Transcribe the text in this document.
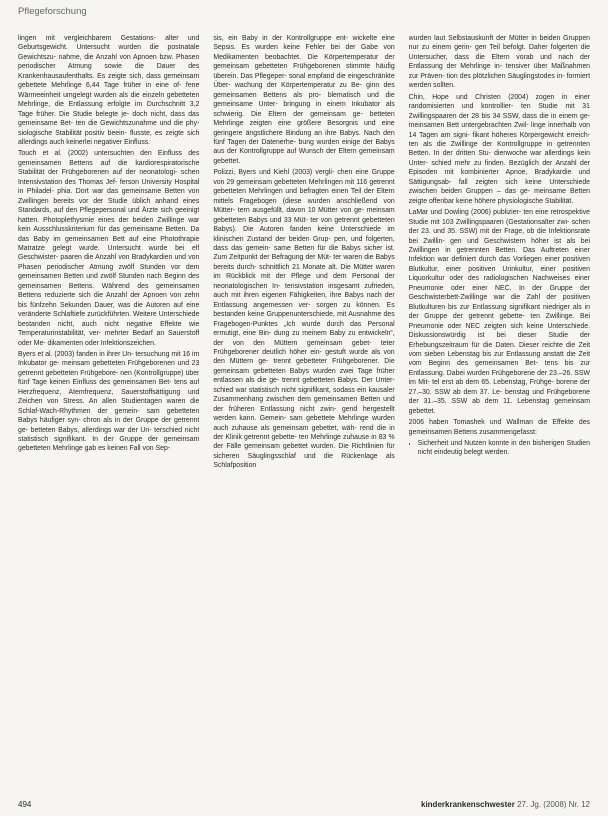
Pflegeforschung

lingen mit vergleichbarem Gestations- alter und Geburtsgewicht. Untersucht wurden die postnatale Gewichtszu- nahme, die Anzahl von Apnoen bzw. Phasen periodischer Atmung sowie die Dauer des Krankenhausaufenthalts. Es zeigte sich, dass gemeinsam gebettete Mehrlinge 6,44 Tage früher in eine of- fene Wärmeeinheit umgelegt wurden als die einzeln gebetteten Mehrlinge, die Entlassung erfolgte im Durchschnitt 3,2 Tage früher. Die Studie belegte je- doch nicht, dass das gemeinsame Bet- ten die Gewichtszunahme und die phy- siologische Stabilität positiv beein- flusste, es zeigte sich allerdings auch keinerlei negativer Einfluss.

Touch et al. (2002) untersuchten den Einfluss des gemeinsamen Bettens auf die kardiorespiratorische Stabilität der Frühgeborenen auf der neonatologi- schen Intensivstation des Thomas Jef- ferson University Hospital in Philadel- phia. Dort war das gemeinsame Betten von Zwillingen bereits vor der Studie üblich anhand eines Standards, auf den Pflegepersonal und Ärzte sich geeinigt hatten. Photoplethysmie eines der beiden Zwillinge war kein Ausschlusskriterium für das gemeinsame Betten. Da das Baby im gemeinsamen Bett auf eine Photothrapie Matratze gelegt wurde. Untersucht wurde bei elf Geschwister- paaren die Anzahl von Bradykardien und von Phasen periodischer Atmung zwölf Stunden vor dem gemeinsamen Betten und zwölf Stunden nach Beginn des gemeinsamen Bettens. Während des gemeinsamen Bettens reduzierte sich die Anzahl der Apnoen von zehn bis fünfzehn Sekunden Dauer, was die Autoren auf eine veränderte Schlaftiefe zurückführten. Weitere Unterschiede bestanden nicht, auch nicht negative Effekte wie Temperaturinstabilität, ver- mehrter Bedarf an Sauerstoff oder Me- dikamenten oder Infektionszeichen.

Byers et al. (2003) fanden in ihrer Un- tersuchung mit 16 im Inkubator ge- meinsam gebetteten Frühgeborenen und 23 getrennt gebetteten Frühgebore- nen (Kontrollgruppe) über fünf Tage keinen Einfluss des gemeinsamen Bet- tens auf Herzfrequenz, Atemfrequenz, Sauerstoffsättigung und Zeichen von Stress. An allen Studientagen waren die Schlaf-Wach-Rhythmen der gemein- sam gebetteten Babys häufiger syn- chron als in der Gruppe der getrennt ge- betteten Babys, allerdings war der Un- terschied nicht statistisch signifikant. In der Gruppe der gemeinsam gebetteten Mehrlinge gab es keinen Fall von Sep-

sis, ein Baby in der Kontrollgruppe ent- wickelte eine Sepsis. Es wurden keine Fehler bei der Gabe von Medikamenten beobachtet. Die Körpertemperatur der gemeinsam gebetteten Frühgeborenen stimmte häufig überein. Das Pflegeper- sonal empfand die eingeschränkte Über- wachung der Körpertemperatur zu Be- ginn des gemeinsamen Bettens als pro- blematisch und die gemeinsame Unter- bringung in einem Inkubator als schwierig. Die Eltern der gemeinsam ge- betteten Mehrlinge zeigten eine größere Besorgnis und eine geringere ängstlichere Bindung an ihre Babys. Nach den fünf Tagen der Datenerhe- bung wurden einige der Babys aus der Kontrollgruppe auf Wunsch der Eltern gemeinsam gebettet.

Polizzi, Byers und Kiehl (2003) vergli- chen eine Gruppe von 29 gemeinsam gebetteten Mehrlingen mit 116 getrennt gebetteten Mehrlingen und befragten einen Teil der Eltern mittels Fragebogen (diese wurden anschließend von Mütter- tern ausgefüllt, davon 10 Mütter von ge- meinsam gebetteten Babys und 33 Müt- ter von getrennt gebetteten Babys). Die Autoren fanden keine Unterschiede im klinischen Zustand der beiden Grup- pen, und folgerten, dass das gemein- same Betten für die Babys sicher ist. Zum Zeitpunkt der Befragung der Müt- ter waren die Babys bereits durch- schnittlich 21 Monate alt. Die Mütter waren im Rückblick mit der Pflege und dem Personal der neonatologischen In- tensivstation insgesamt zufrieden, auch mit ihren eigenen Fähigkeiten, ihre Babys nach der Entlassung angemessen ver- sorgen zu können. Es bestanden keine Gruppenunterschiede, mit Ausnahme des Fragebogen-Punktes „Ich wurde durch das Personal ermutigt, eine Bin- dung zu meinem Baby zu entwickeln“, der von den Müttern gemeinsam gebet- teter Frühgeborener deutlich höher ein- gestuft wurde als von den Müttern ge- trennt gebetteter Frühgeborener. Die gemeinsam gebetteten Babys wurden zwei Tage früher entlassen als die ge- trennt gebetteten Babys. Der Unter- schied war statistisch nicht signifikant, sodass ein kausaler Zusammenhang zwischen dem gemeinsamen Betten und der früheren Entlassung nicht zwin- gend hergestellt werden kann. Gemein- sam gebettete Mehrlinge wurden auch zuhause als gemeinsam gebettet, wäh- rend die in der Klinik getrennt gebette- ten Mehrlinge zuhause in 83 % der Fälle gemeinsam gebettet wurden. Die Richtlinien für sicheren Säuglingsschlaf und die Rückenlage als Schlafposition

wurden laut Selbstauskunft der Mütter in beiden Gruppen nur zu einem gerin- gen Teil befolgt. Daher folgerten die Untersucher, dass die Eltern vorab und nach der Entlassung der Mehrlinge in- tensiver über Maßnahmen zur Präven- tion des plötzlichen Säuglingstodes in- formiert werden sollten.

Chin, Hope und Christen (2004) zogen in einer randomisierten und kontrollier- ten Studie mit 31 Zwillingspaaren der 28 bis 34 SSW, dass die in einem ge- meinsamen Bett untergebrachten Zwil- linge innerhalb von 14 Tagen am signi- fikant höheres Körpergewicht erreich- ten als die Zwillinge der Kontrollgruppe in getrennten Betten. In der dritten Stu- dienwoche war allerdings kein Unter- schied mehr zu finden. Bezüglich der Anzahl der Episoden mit kombinierter Apnoe, Bradykardie und Sättigungsab- fall zeigten sich keine Unterschiede zwischen beiden Gruppen – das ge- meinsame Betten zeigte offenbar keine höhere physiologische Stabilität.

LaMar und Dowling (2006) publizier- ten eine retrospektive Studie mit 103 Zwillingspaaren (Gestationsalter zwi- schen der 23. und 35. SSW) mit der Frage, ob die Infektionsrate bei Zwillin- gen und Geschwistern höher ist als bei Zwillingen in getrennten Betten. Das Auftreten einer Infektion war definiert durch das Vorliegen einer positiven Blutkultur, einer positiven Urinkultur, einer positiven Liquorkultur oder des radiologischen Nachweises einer Pneumonie oder einer NEC. In der Gruppe der Geschwisterbett-Zwillinge war die Zahl der positiven Blutkulturen bis zur Entlassung signifikant niedriger als in der Gruppe der getrennt gebette- ten Zwillinge. Bei Pneumonie oder NEC zeigten sich keine Unterschiede. Diskussionswürdig ist bei dieser Studie der Erhebungszeitraum für die Daten. Dieser reichte die Zeit vom sieben Lebenstag bis zur Entlassung anstatt die Zeit vom Beginn des gemeinsamen Bet- tens bis zur Entlassung. Dabei wurden Frühgeborene der 23.–26. SSW im Mit- tel erst ab dem 65. Lebenstag, Frühge- borene der 27.–30. SSW ab dem 37. Le- benstag und Frühgeborene der 31.–35. SSW ab dem 11. Lebenstag gemeinsam gebettet.

2006 haben Tomashek und Wallman die Effekte des gemeinsamen Bettens zusammengefasst:

• Sicherheit und Nutzen konnte in den bisherigen Studien nicht eindeutig belegt werden.
494	kinderkrankenschwester 27. Jg. (2008) Nr. 12
